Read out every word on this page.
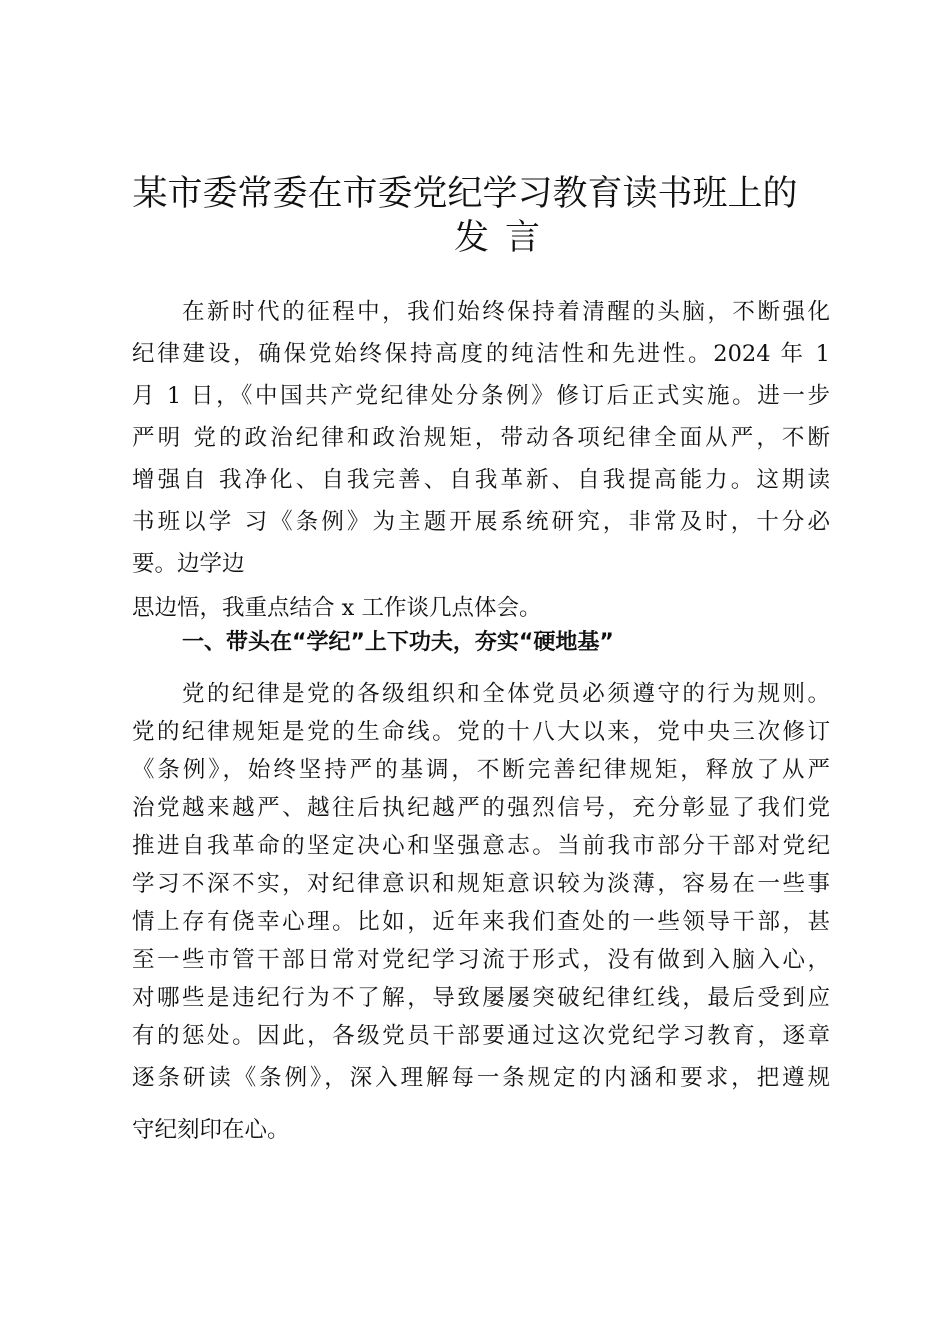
某市委常委在市委党纪学习教育读书班上的
发言
在新时代的征程中，我们始终保持着清醒的头脑，不断强化
纪律建设，确保党始终保持高度的纯洁性和先进性。2024 年 1
月 1 日，《中国共产党纪律处分条例》修订后正式实施。进一步
严明 党的政治纪律和政治规矩，带动各项纪律全面从严，不断
增强自 我净化、自我完善、自我革新、自我提高能力。这期读
书班以学 习《条例》为主题开展系统研究，非常及时，十分必
要。边学边
思边悟，我重点结合 x 工作谈几点体会。
一、带头在“学纪”上下功夫，夯实“硬地基”
党的纪律是党的各级组织和全体党员必须遵守的行为规则。
党的纪律规矩是党的生命线。党的十八大以来，党中央三次修订
《条例》，始终坚持严的基调，不断完善纪律规矩，释放了从严
治党越来越严、越往后执纪越严的强烈信号，充分彰显了我们党
推进自我革命的坚定决心和坚强意志。当前我市部分干部对党纪
学习不深不实，对纪律意识和规矩意识较为淡薄，容易在一些事
情上存有侥幸心理。比如，近年来我们查处的一些领导干部，甚
至一些市管干部日常对党纪学习流于形式，没有做到入脑入心，
对哪些是违纪行为不了解，导致屡屡突破纪律红线，最后受到应
有的惩处。因此，各级党员干部要通过这次党纪学习教育，逐章
逐条研读《条例》，深入理解每一条规定的内涵和要求，把遵规
守纪刻印在心。
